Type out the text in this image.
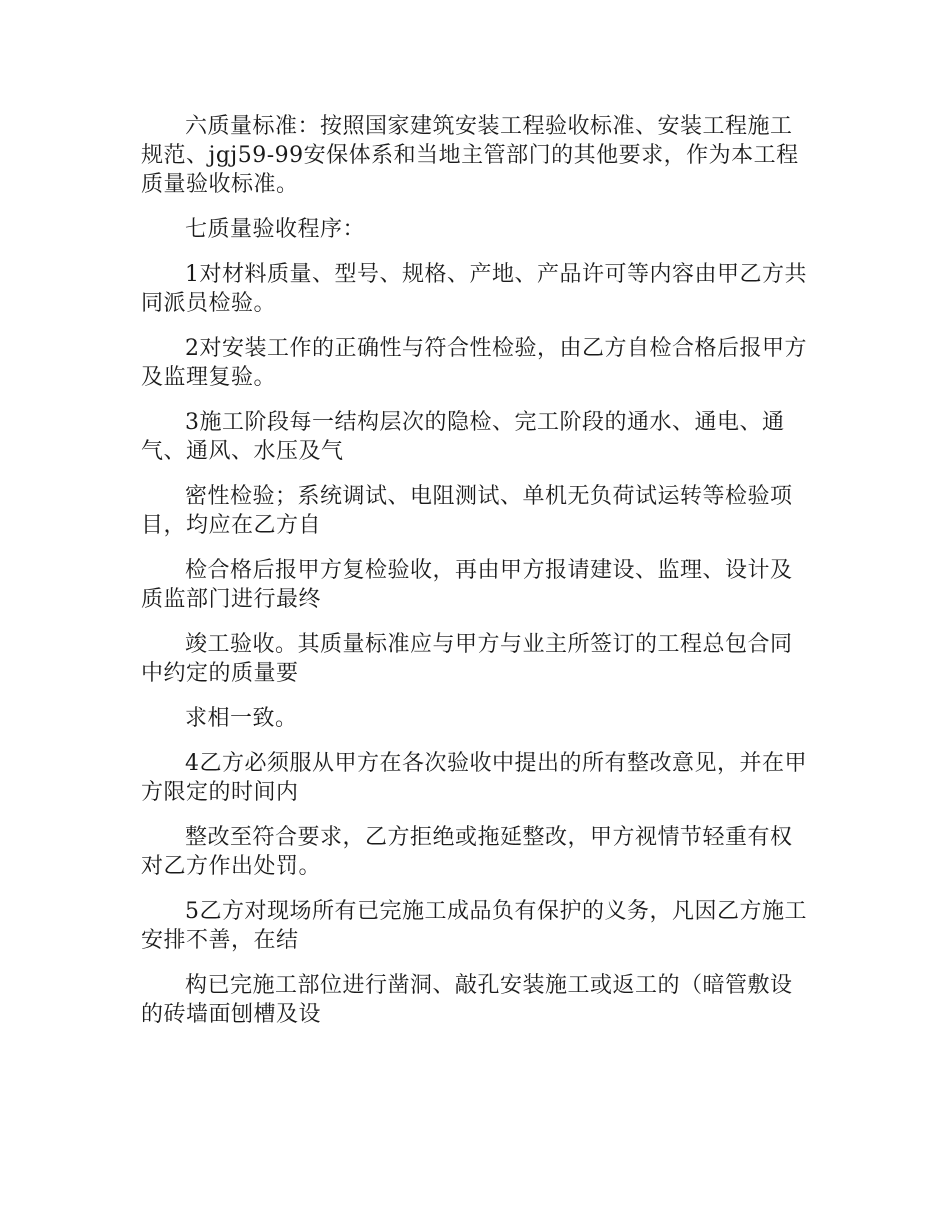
六质量标准：按照国家建筑安装工程验收标准、安装工程施工规范、jgj59-99安保体系和当地主管部门的其他要求，作为本工程质量验收标准。

七质量验收程序：

1对材料质量、型号、规格、产地、产品许可等内容由甲乙方共同派员检验。

2对安装工作的正确性与符合性检验，由乙方自检合格后报甲方及监理复验。

3施工阶段每一结构层次的隐检、完工阶段的通水、通电、通气、通风、水压及气

密性检验；系统调试、电阻测试、单机无负荷试运转等检验项目，均应在乙方自

检合格后报甲方复检验收，再由甲方报请建设、监理、设计及质监部门进行最终

竣工验收。其质量标准应与甲方与业主所签订的工程总包合同中约定的质量要

求相一致。

4乙方必须服从甲方在各次验收中提出的所有整改意见，并在甲方限定的时间内

整改至符合要求，乙方拒绝或拖延整改，甲方视情节轻重有权对乙方作出处罚。

5乙方对现场所有已完施工成品负有保护的义务，凡因乙方施工安排不善，在结

构已完施工部位进行凿洞、敲孔安装施工或返工的（暗管敷设的砖墙面刨槽及设
